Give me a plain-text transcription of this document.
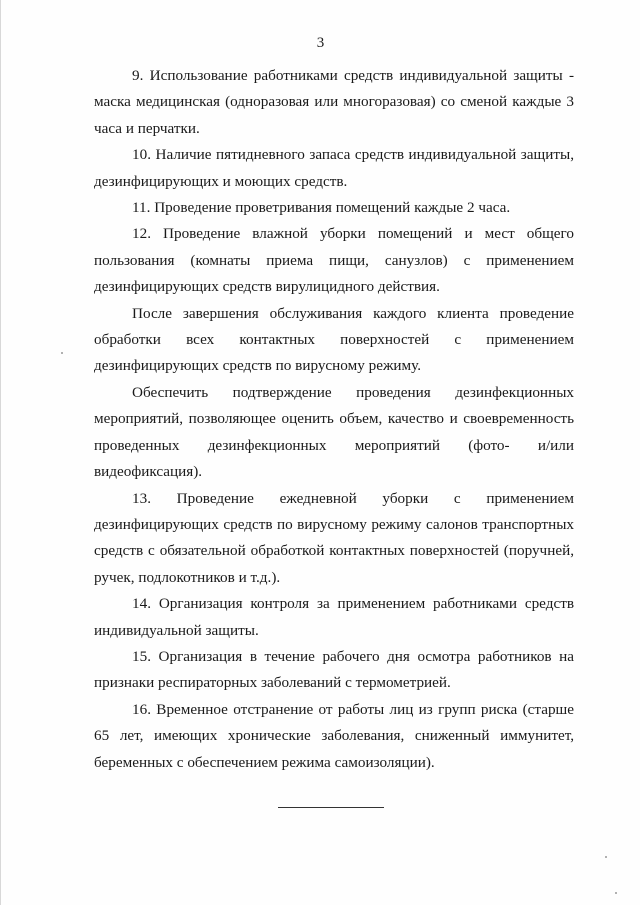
3

9. Использование работниками средств индивидуальной защиты - маска медицинская (одноразовая или многоразовая) со сменой каждые 3 часа и перчатки.

10. Наличие пятидневного запаса средств индивидуальной защиты, дезинфицирующих и моющих средств.

11. Проведение проветривания помещений каждые 2 часа.

12. Проведение влажной уборки помещений и мест общего пользования (комнаты приема пищи, санузлов) с применением дезинфицирующих средств вирулицидного действия.

После завершения обслуживания каждого клиента проведение обработки всех контактных поверхностей с применением дезинфицирующих средств по вирусному режиму.

Обеспечить подтверждение проведения дезинфекционных мероприятий, позволяющее оценить объем, качество и своевременность проведенных дезинфекционных мероприятий (фото- и/или видеофиксация).

13. Проведение ежедневной уборки с применением дезинфицирующих средств по вирусному режиму салонов транспортных средств с обязательной обработкой контактных поверхностей (поручней, ручек, подлокотников и т.д.).

14. Организация контроля за применением работниками средств индивидуальной защиты.

15. Организация в течение рабочего дня осмотра работников на признаки респираторных заболеваний с термометрией.

16. Временное отстранение от работы лиц из групп риска (старше 65 лет, имеющих хронические заболевания, сниженный иммунитет, беременных с обеспечением режима самоизоляции).
